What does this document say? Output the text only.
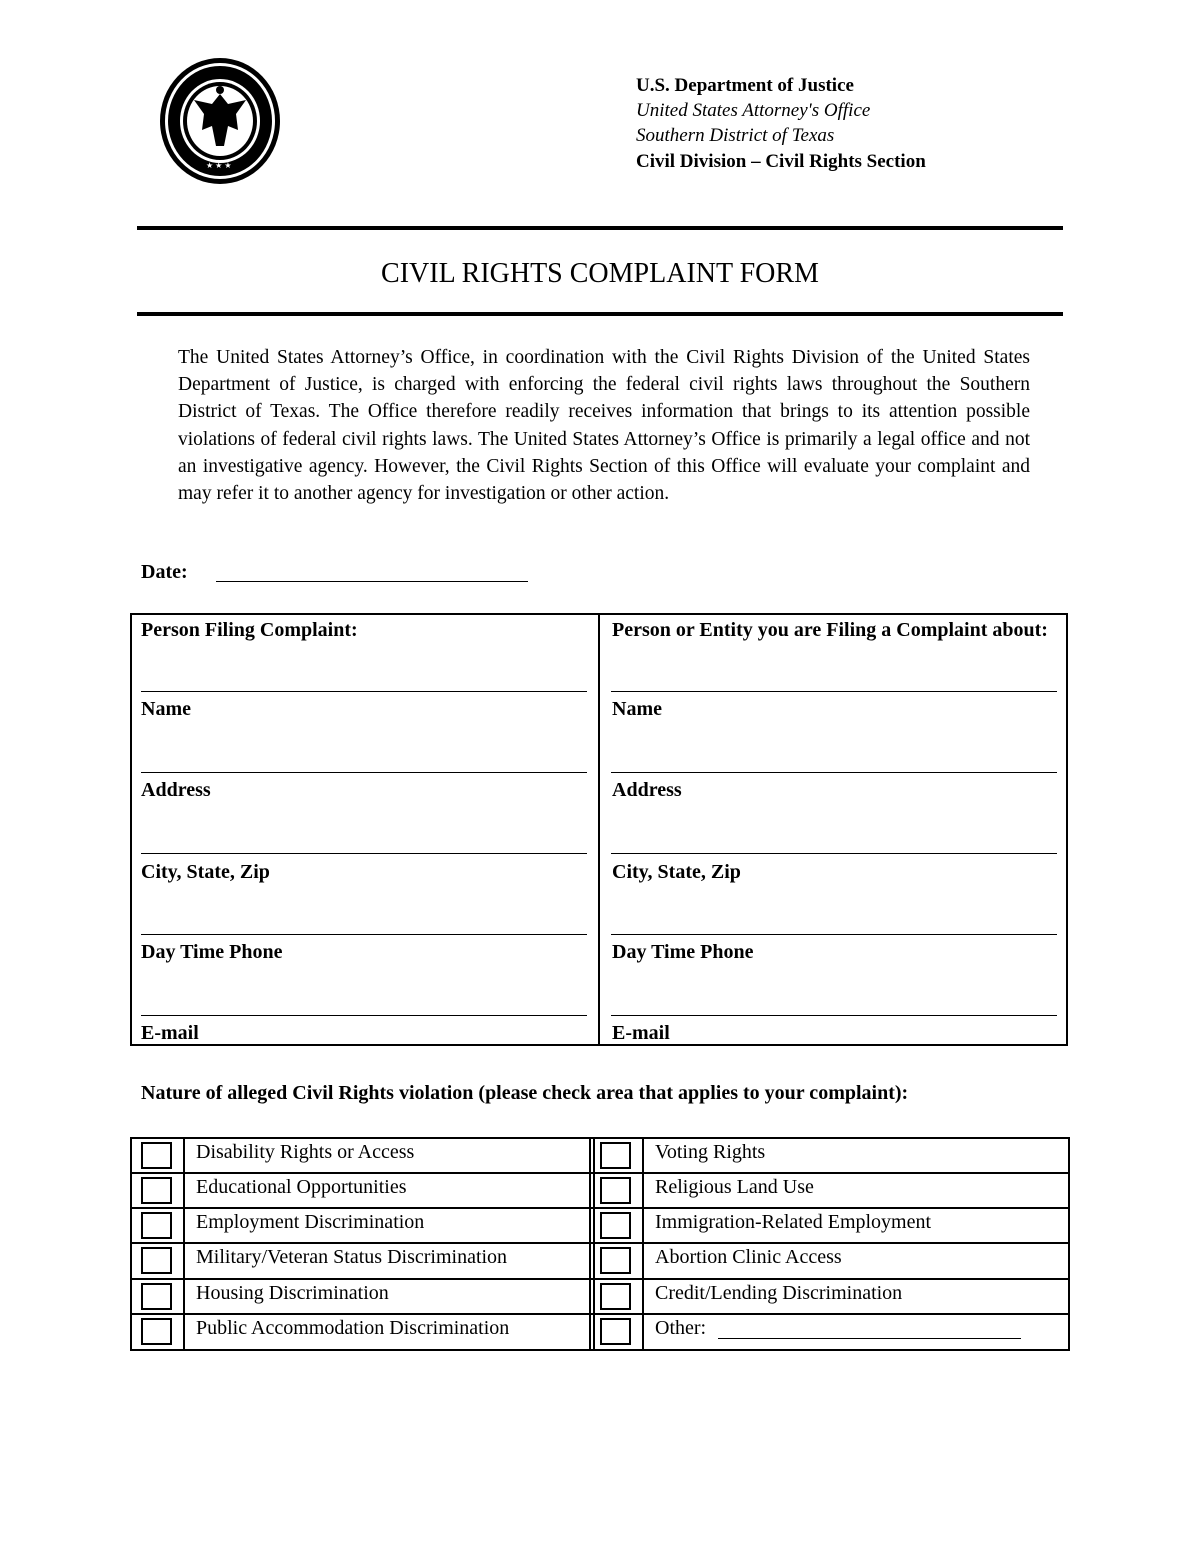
★ ★ ★
U.S. Department of Justice
United States Attorney's Office
Southern District of Texas
Civil Division – Civil Rights Section
CIVIL RIGHTS COMPLAINT FORM

The United States Attorney’s Office, in coordination with the Civil Rights Division of the United States Department of Justice, is charged with enforcing the federal civil rights laws throughout the Southern District of Texas. The Office therefore readily receives information that brings to its attention possible violations of federal civil rights laws. The United States Attorney’s Office is primarily a legal office and not an investigative agency. However, the Civil Rights Section of this Office will evaluate your complaint and may refer it to another agency for investigation or other action.

Date:
Person Filing Complaint:	Person or Entity you are Filing a Complaint about:
Name
Address
City, State, Zip
Day Time Phone
E-mail
Name
Address
City, State, Zip
Day Time Phone
E-mail
Nature of alleged Civil Rights violation (please check area that applies to your complaint):
Disability Rights or Access
Educational Opportunities
Employment Discrimination
Military/Veteran Status Discrimination
Housing Discrimination
Public Accommodation Discrimination
Voting Rights
Religious Land Use
Immigration-Related Employment
Abortion Clinic Access
Credit/Lending Discrimination
Other:
